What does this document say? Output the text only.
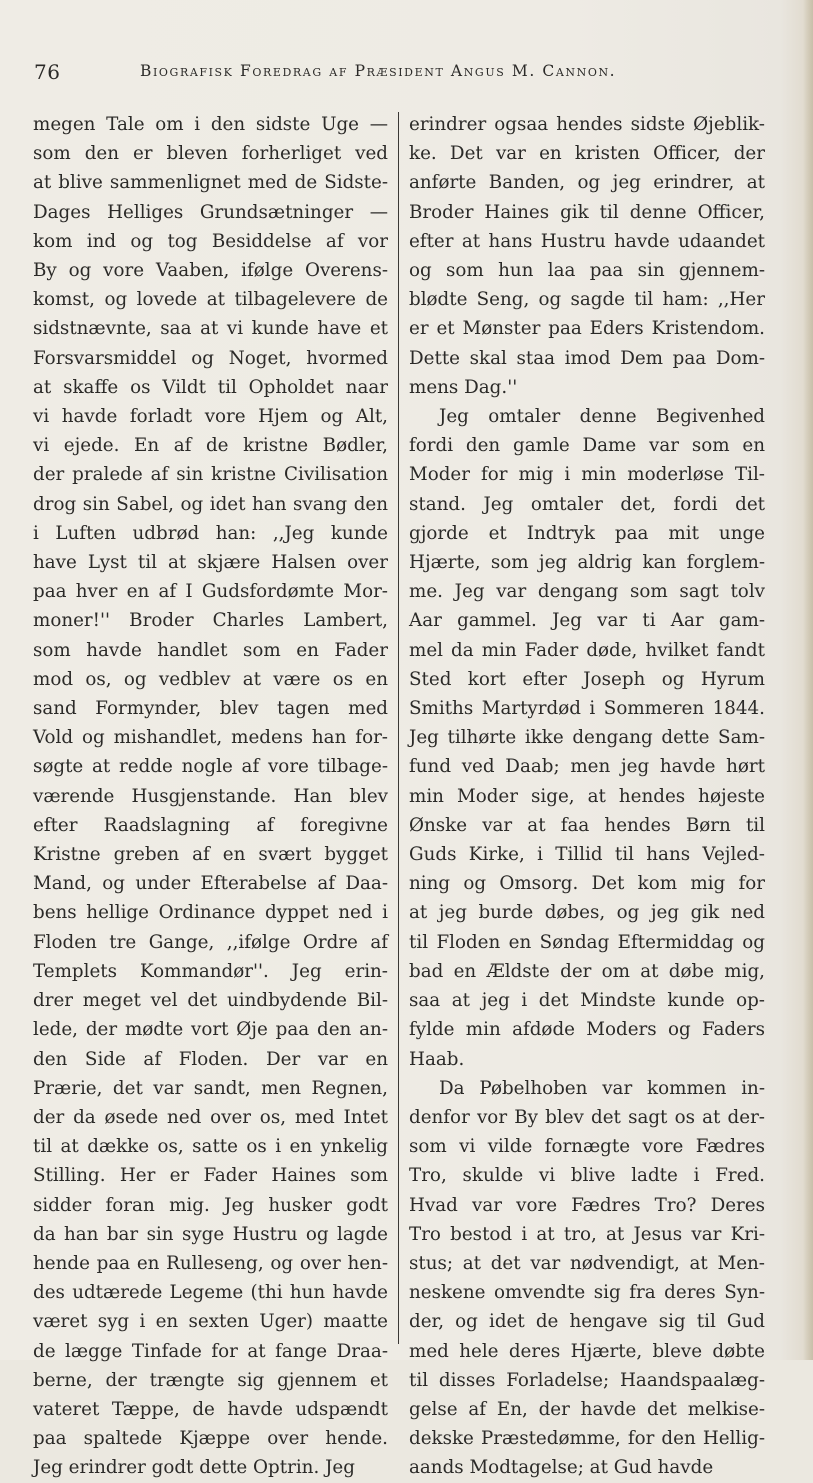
76	Biografisk Foredrag af Præsident Angus M. Cannon.
megen Tale om i den sidste Uge —
som den er bleven forherliget ved
at blive sammenlignet med de Sidste-
Dages Helliges Grundsætninger —
kom ind og tog Besiddelse af vor
By og vore Vaaben, ifølge Overens-
komst, og lovede at tilbagelevere de
sidstnævnte, saa at vi kunde have et
Forsvarsmiddel og Noget, hvormed
at skaffe os Vildt til Opholdet naar
vi havde forladt vore Hjem og Alt,
vi ejede. En af de kristne Bødler,
der pralede af sin kristne Civilisation
drog sin Sabel, og idet han svang den
i Luften udbrød han: ,,Jeg kunde
have Lyst til at skjære Halsen over
paa hver en af I Gudsfordømte Mor-
moner!'' Broder Charles Lambert,
som havde handlet som en Fader
mod os, og vedblev at være os en
sand Formynder, blev tagen med
Vold og mishandlet, medens han for-
søgte at redde nogle af vore tilbage-
værende Husgjenstande. Han blev
efter Raadslagning af foregivne
Kristne greben af en svært bygget
Mand, og under Efterabelse af Daa-
bens hellige Ordinance dyppet ned i
Floden tre Gange, ,,ifølge Ordre af
Templets Kommandør''. Jeg erin-
drer meget vel det uindbydende Bil-
lede, der mødte vort Øje paa den an-
den Side af Floden. Der var en
Prærie, det var sandt, men Regnen,
der da øsede ned over os, med Intet
til at dække os, satte os i en ynkelig
Stilling. Her er Fader Haines som
sidder foran mig. Jeg husker godt
da han bar sin syge Hustru og lagde
hende paa en Rulleseng, og over hen-
des udtærede Legeme (thi hun havde
været syg i en sexten Uger) maatte
de lægge Tinfade for at fange Draa-
berne, der trængte sig gjennem et
vateret Tæppe, de havde udspændt
paa spaltede Kjæppe over hende.
Jeg erindrer godt dette Optrin. Jeg
erindrer ogsaa hendes sidste Øjeblik-
ke. Det var en kristen Officer, der
anførte Banden, og jeg erindrer, at
Broder Haines gik til denne Officer,
efter at hans Hustru havde udaandet
og som hun laa paa sin gjennem-
blødte Seng, og sagde til ham: ,,Her
er et Mønster paa Eders Kristendom.
Dette skal staa imod Dem paa Dom-
mens Dag.''
Jeg omtaler denne Begivenhed
fordi den gamle Dame var som en
Moder for mig i min moderløse Til-
stand. Jeg omtaler det, fordi det
gjorde et Indtryk paa mit unge
Hjærte, som jeg aldrig kan forglem-
me. Jeg var dengang som sagt tolv
Aar gammel. Jeg var ti Aar gam-
mel da min Fader døde, hvilket fandt
Sted kort efter Joseph og Hyrum
Smiths Martyrdød i Sommeren 1844.
Jeg tilhørte ikke dengang dette Sam-
fund ved Daab; men jeg havde hørt
min Moder sige, at hendes højeste
Ønske var at faa hendes Børn til
Guds Kirke, i Tillid til hans Vejled-
ning og Omsorg. Det kom mig for
at jeg burde døbes, og jeg gik ned
til Floden en Søndag Eftermiddag og
bad en Ældste der om at døbe mig,
saa at jeg i det Mindste kunde op-
fylde min afdøde Moders og Faders
Haab.
Da Pøbelhoben var kommen in-
denfor vor By blev det sagt os at der-
som vi vilde fornægte vore Fædres
Tro, skulde vi blive ladte i Fred.
Hvad var vore Fædres Tro? Deres
Tro bestod i at tro, at Jesus var Kri-
stus; at det var nødvendigt, at Men-
neskene omvendte sig fra deres Syn-
der, og idet de hengave sig til Gud
med hele deres Hjærte, bleve døbte
til disses Forladelse; Haandspaalæg-
gelse af En, der havde det melkise-
dekske Præstedømme, for den Hellig-
aands Modtagelse; at Gud havde
